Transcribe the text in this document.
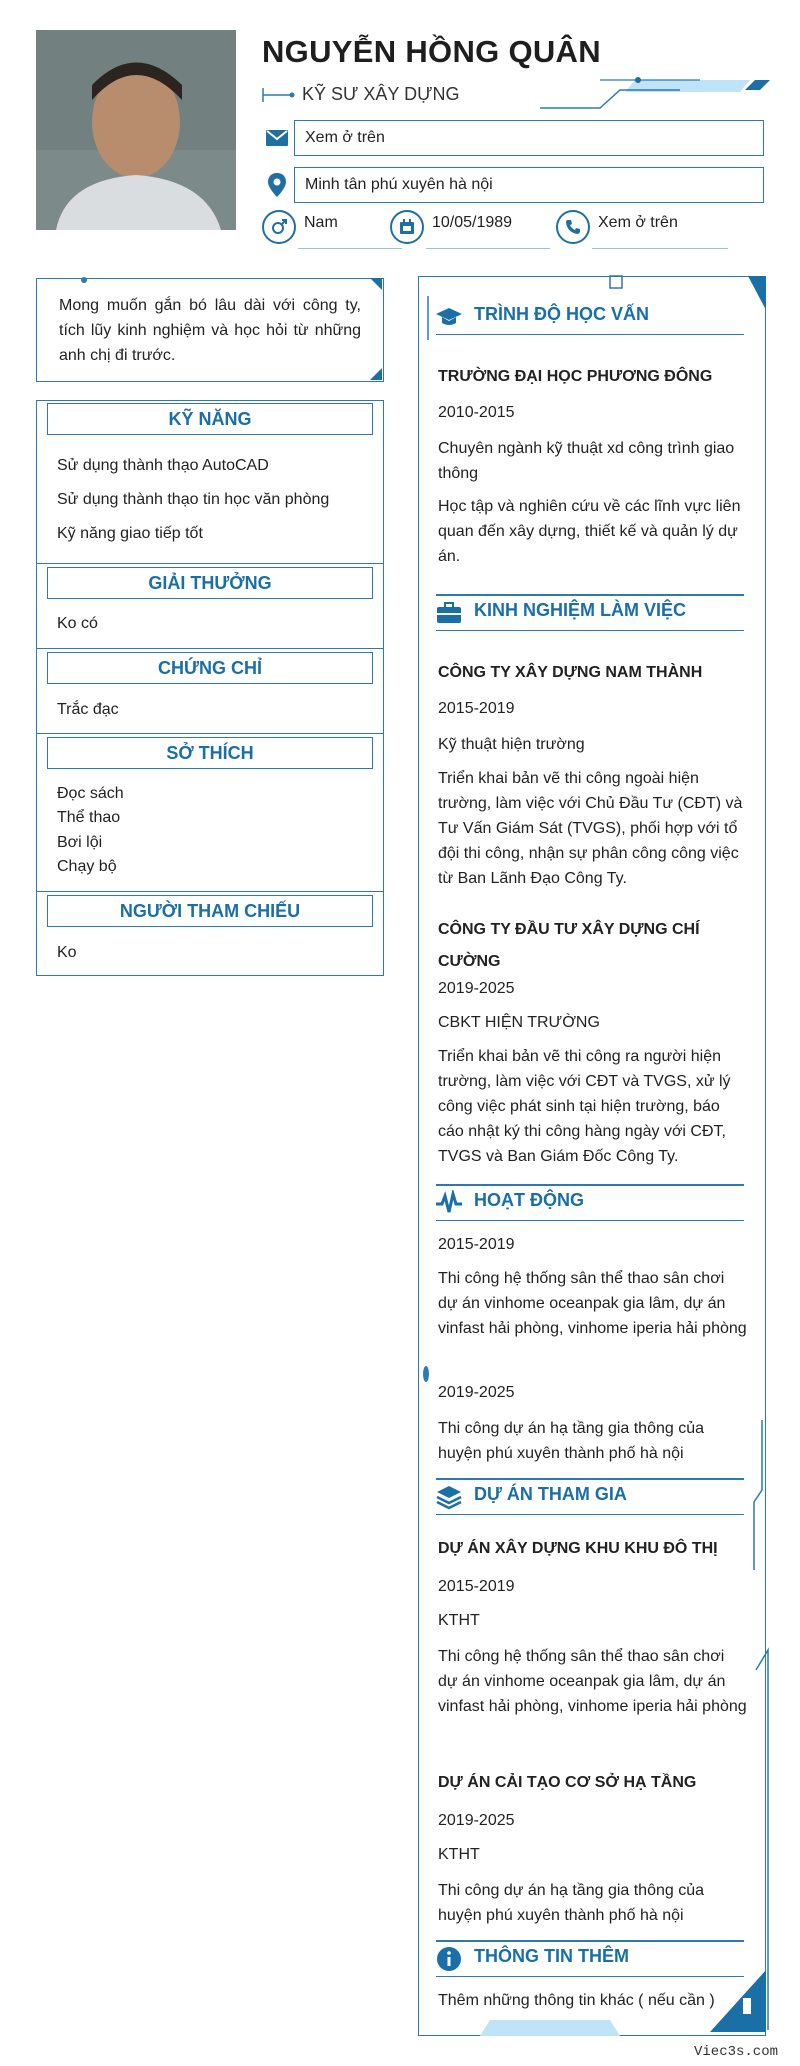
NGUYỄN HỒNG QUÂN
KỸ SƯ XÂY DỰNG
Xem ở trên
Minh tân phú xuyên hà nội
Nam	10/05/1989	Xem ở trên

Mong muốn gắn bó lâu dài với công ty, tích lũy kinh nghiệm và học hỏi từ những anh chị đi trước.

KỸ NĂNG
Sử dụng thành thạo AutoCAD
Sử dụng thành thạo tin học văn phòng
Kỹ năng giao tiếp tốt
GIẢI THƯỞNG
Ko có
CHỨNG CHỈ
Trắc đạc
SỞ THÍCH
Đọc sách
Thể thao
Bơi lội
Chạy bộ
NGƯỜI THAM CHIẾU
Ko
TRÌNH ĐỘ HỌC VẤN
TRƯỜNG ĐẠI HỌC PHƯƠNG ĐÔNG
2010-2015
Chuyên ngành kỹ thuật xd công trình giao thông
Học tập và nghiên cứu về các lĩnh vực liên quan đến xây dựng, thiết kế và quản lý dự án.
KINH NGHIỆM LÀM VIỆC
CÔNG TY XÂY DỰNG NAM THÀNH
2015-2019
Kỹ thuật hiện trường
Triển khai bản vẽ thi công ngoài hiện trường, làm việc với Chủ Đầu Tư (CĐT) và Tư Vấn Giám Sát (TVGS), phối hợp với tổ đội thi công, nhận sự phân công công việc từ Ban Lãnh Đạo Công Ty.
CÔNG TY ĐẦU TƯ XÂY DỰNG CHÍ CƯỜNG
2019-2025
CBKT HIỆN TRƯỜNG
Triển khai bản vẽ thi công ra người hiện trường, làm việc với CĐT và TVGS, xử lý công việc phát sinh tại hiện trường, báo cáo nhật ký thi công hàng ngày với CĐT, TVGS và Ban Giám Đốc Công Ty.
HOẠT ĐỘNG
2015-2019
Thi công hệ thống sân thể thao sân chơi dự án vinhome oceanpak gia lâm, dự án vinfast hải phòng, vinhome iperia hải phòng
2019-2025
Thi công dự án hạ tầng gia thông của huyện phú xuyên thành phố hà nội
DỰ ÁN THAM GIA
DỰ ÁN XÂY DỰNG KHU KHU ĐÔ THỊ
2015-2019
KTHT
Thi công hệ thống sân thể thao sân chơi dự án vinhome oceanpak gia lâm, dự án vinfast hải phòng, vinhome iperia hải phòng
DỰ ÁN CẢI TẠO CƠ SỞ HẠ TẦNG
2019-2025
KTHT
Thi công dự án hạ tầng gia thông của huyện phú xuyên thành phố hà nội
THÔNG TIN THÊM
Thêm những thông tin khác ( nếu cần )
Viec3s.com
